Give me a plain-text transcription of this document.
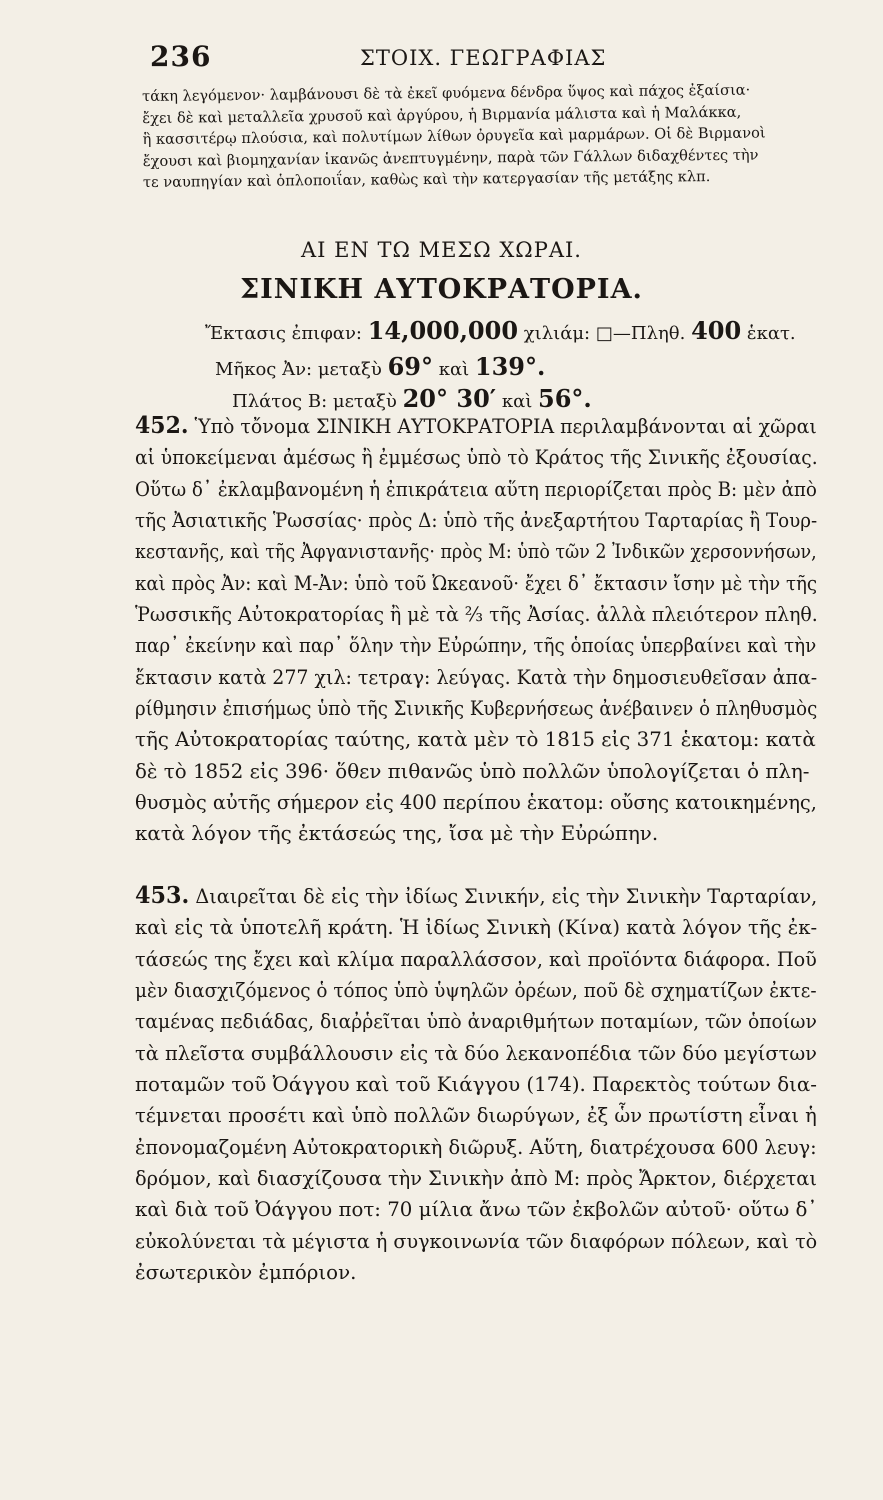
236	ΣΤΟΙΧ. ΓΕΩΓΡΑΦΙΑΣ
τάκη λεγόμενον· λαμβάνουσι δὲ τὰ ἐκεῖ φυόμενα δένδρα ὕψος καὶ πάχος ἐξαίσια·
ἔχει δὲ καὶ μεταλλεῖα χρυσοῦ καὶ ἀργύρου, ἡ Βιρμανία μάλιστα καὶ ἡ Μαλάκκα,
ἣ κασσιτέρῳ πλούσια, καὶ πολυτίμων λίθων ὀρυγεῖα καὶ μαρμάρων. Οἱ δὲ Βιρμανοὶ
ἔχουσι καὶ βιομηχανίαν ἱκανῶς ἀνεπτυγμένην, παρὰ τῶν Γάλλων διδαχθέντες τὴν
τε ναυπηγίαν καὶ ὁπλοποιΐαν, καθὼς καὶ τὴν κατεργασίαν τῆς μετάξης κλπ.
ΑΙ ΕΝ ΤΩ ΜΕΣΩ ΧΩΡΑΙ.
ΣΙΝΙΚΗ ΑΥΤΟΚΡΑΤΟΡΙΑ.
Ἔκτασις ἐπιφαν: 14,000,000 χιλιάμ: □—Πληθ. 400 ἑκατ.
Μῆκος Ἀν: μεταξὺ 69° καὶ 139°.
Πλάτος Β: μεταξὺ 20° 30′ καὶ 56°.
452. Ὑπὸ τὄνομα ΣΙΝΙΚΗ ΑΥΤΟΚΡΑΤΟΡΙΑ περιλαμβάνονται αἱ χῶραι
αἱ ὑποκείμεναι ἀμέσως ἢ ἐμμέσως ὑπὸ τὸ Κράτος τῆς Σινικῆς ἐξουσίας.
Οὕτω δ᾽ ἐκλαμβανομένη ἡ ἐπικράτεια αὕτη περιορίζεται πρὸς Β: μὲν ἀπὸ
τῆς Ἀσιατικῆς Ῥωσσίας· πρὸς Δ: ὑπὸ τῆς ἀνεξαρτήτου Ταρταρίας ἢ Τουρ-
κεστανῆς, καὶ τῆς Ἀφγανιστανῆς· πρὸς Μ: ὑπὸ τῶν 2 Ἰνδικῶν χερσοννήσων,
καὶ πρὸς Ἀν: καὶ Μ-Ἀν: ὑπὸ τοῦ Ὠκεανοῦ· ἔχει δ᾽ ἔκτασιν ἴσην μὲ τὴν τῆς
Ῥωσσικῆς Αὐτοκρατορίας ἢ μὲ τὰ ⅔ τῆς Ἀσίας. ἀλλὰ πλειότερον πληθ.
παρ᾽ ἐκείνην καὶ παρ᾽ ὅλην τὴν Εὐρώπην, τῆς ὁποίας ὑπερβαίνει καὶ τὴν
ἔκτασιν κατὰ 277 χιλ: τετραγ: λεύγας. Κατὰ τὴν δημοσιευθεῖσαν ἀπα-
ρίθμησιν ἐπισήμως ὑπὸ τῆς Σινικῆς Κυβερνήσεως ἀνέβαινεν ὁ πληθυσμὸς
τῆς Αὐτοκρατορίας ταύτης, κατὰ μὲν τὸ 1815 εἰς 371 ἑκατομ: κατὰ
δὲ τὸ 1852 εἰς 396· ὅθεν πιθανῶς ὑπὸ πολλῶν ὑπολογίζεται ὁ πλη-
θυσμὸς αὐτῆς σήμερον εἰς 400 περίπου ἑκατομ: οὔσης κατοικημένης,
κατὰ λόγον τῆς ἐκτάσεώς της, ἴσα μὲ τὴν Εὐρώπην.
453. Διαιρεῖται δὲ εἰς τὴν ἰδίως Σινικήν, εἰς τὴν Σινικὴν Ταρταρίαν,
καὶ εἰς τὰ ὑποτελῆ κράτη. Ἡ ἰδίως Σινικὴ (Κίνα) κατὰ λόγον τῆς ἐκ-
τάσεώς της ἔχει καὶ κλίμα παραλλάσσον, καὶ προϊόντα διάφορα. Ποῦ
μὲν διασχιζόμενος ὁ τόπος ὑπὸ ὑψηλῶν ὀρέων, ποῦ δὲ σχηματίζων ἐκτε-
ταμένας πεδιάδας, διαῤῥεῖται ὑπὸ ἀναριθμήτων ποταμίων, τῶν ὁποίων
τὰ πλεῖστα συμβάλλουσιν εἰς τὰ δύο λεκανοπέδια τῶν δύο μεγίστων
ποταμῶν τοῦ Ὀάγγου καὶ τοῦ Κιάγγου (174). Παρεκτὸς τούτων δια-
τέμνεται προσέτι καὶ ὑπὸ πολλῶν διωρύγων, ἐξ ὧν πρωτίστη εἶναι ἡ
ἐπονομαζομένη Αὐτοκρατορικὴ διῶρυξ. Αὕτη, διατρέχουσα 600 λευγ:
δρόμον, καὶ διασχίζουσα τὴν Σινικὴν ἀπὸ Μ: πρὸς Ἄρκτον, διέρχεται
καὶ διὰ τοῦ Ὀάγγου ποτ: 70 μίλια ἄνω τῶν ἐκβολῶν αὐτοῦ· οὕτω δ᾽
εὐκολύνεται τὰ μέγιστα ἡ συγκοινωνία τῶν διαφόρων πόλεων, καὶ τὸ
ἐσωτερικὸν ἐμπόριον.
